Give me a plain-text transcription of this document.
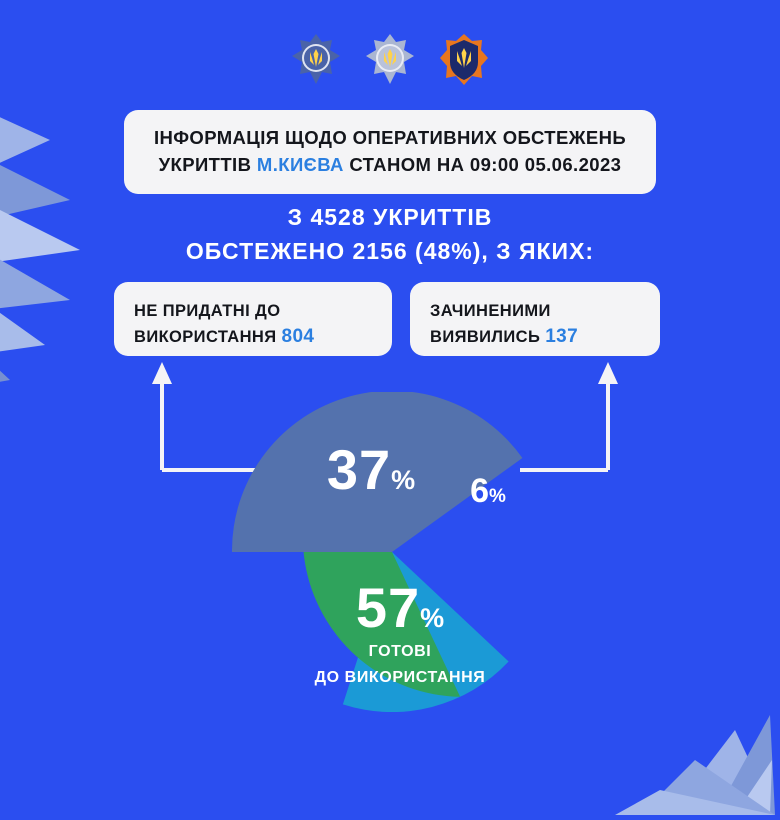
ІНФОРМАЦІЯ ЩОДО ОПЕРАТИВНИХ ОБСТЕЖЕНЬ
УКРИТТІВ М.КИЄВА СТАНОМ НА 09:00 05.06.2023
З 4528 УКРИТТІВ
ОБСТЕЖЕНО 2156 (48%), З ЯКИХ:
НЕ ПРИДАТНІ ДО
ВИКОРИСТАННЯ 804
ЗАЧИНЕНИМИ
ВИЯВИЛИСЬ 137
37%	6%
57%
ГОТОВІ
ДО ВИКОРИСТАННЯ
